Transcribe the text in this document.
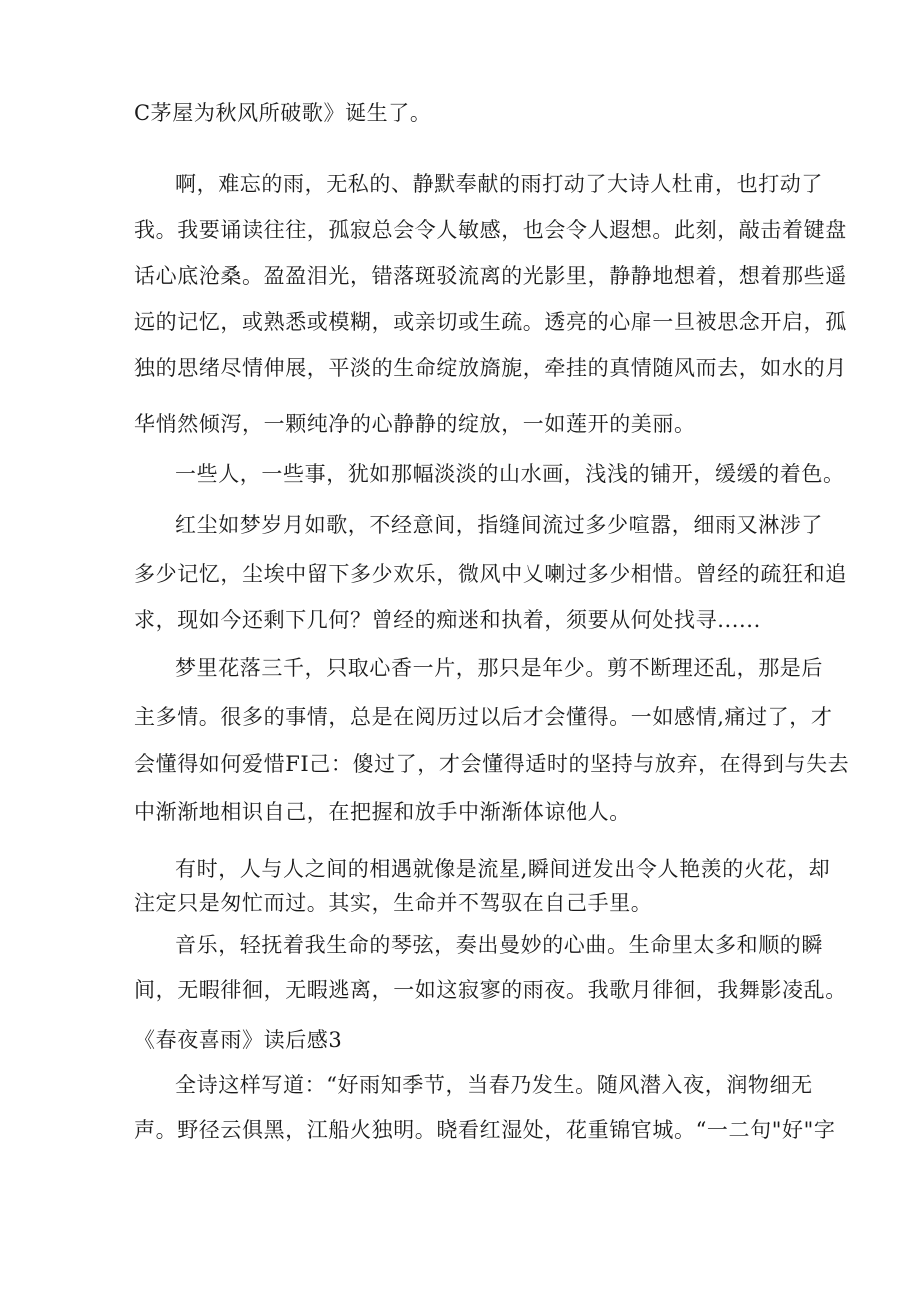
C茅屋为秋风所破歌》诞生了。
啊，难忘的雨，无私的、静默奉献的雨打动了大诗人杜甫，也打动了
我。我要诵读往往，孤寂总会令人敏感，也会令人遐想。此刻，敲击着键盘
话心底沧桑。盈盈泪光，错落斑驳流离的光影里，静静地想着，想着那些遥
远的记忆，或熟悉或模糊，或亲切或生疏。透亮的心扉一旦被思念开启，孤
独的思绪尽情伸展，平淡的生命绽放旖旎，牵挂的真情随风而去，如水的月
华悄然倾泻，一颗纯净的心静静的绽放，一如莲开的美丽。
一些人，一些事，犹如那幅淡淡的山水画，浅浅的铺开，缓缓的着色。
红尘如梦岁月如歌，不经意间，指缝间流过多少喧嚣，细雨又淋涉了
多少记忆，尘埃中留下多少欢乐，微风中乂喇过多少相惜。曾经的疏狂和追
求，现如今还剩下几何？曾经的痴迷和执着，须要从何处找寻......
梦里花落三千，只取心香一片，那只是年少。剪不断理还乱，那是后
主多情。很多的事情，总是在阅历过以后才会懂得。一如感情,痛过了，才
会懂得如何爱惜FI己：傻过了，才会懂得适时的坚持与放弃，在得到与失去
中渐渐地相识自己，在把握和放手中渐渐体谅他人。
有时，人与人之间的相遇就像是流星,瞬间迸发出令人艳羡的火花，却
注定只是匆忙而过。其实，生命并不驾驭在自己手里。
音乐，轻抚着我生命的琴弦，奏出曼妙的心曲。生命里太多和顺的瞬
间，无暇徘徊，无暇逃离，一如这寂寥的雨夜。我歌月徘徊，我舞影凌乱。
《春夜喜雨》读后感3
全诗这样写道：“好雨知季节，当春乃发生。随风潜入夜，润物细无
声。野径云俱黑，江船火独明。晓看红湿处，花重锦官城。“一二句"好"字
